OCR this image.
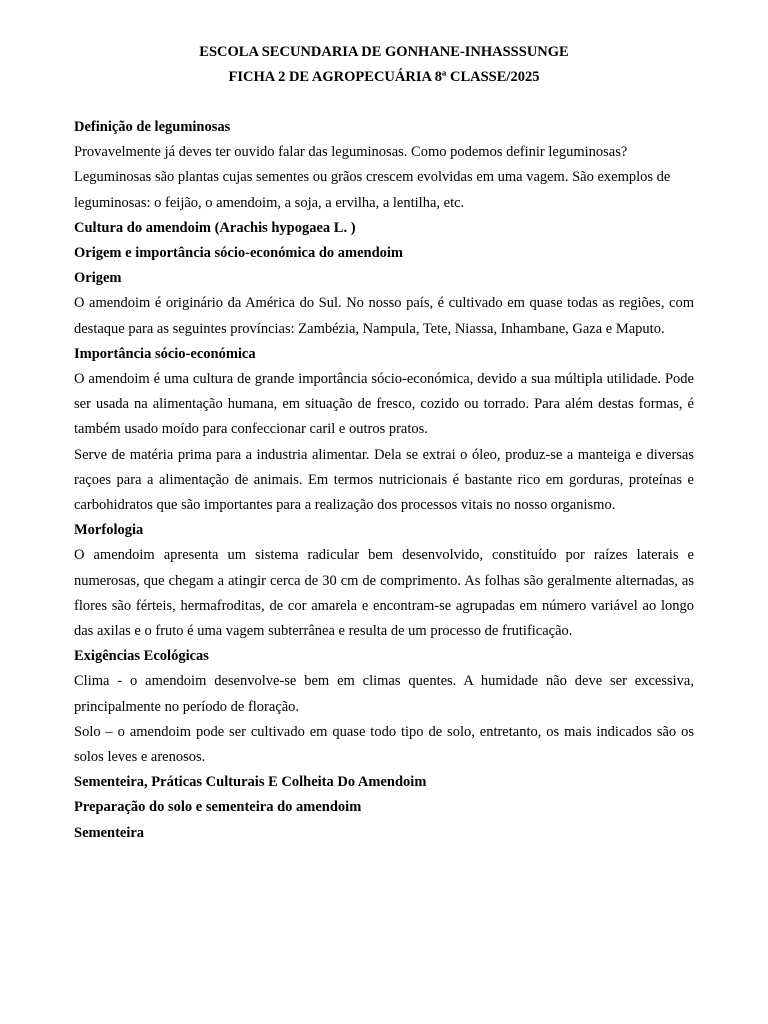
ESCOLA SECUNDARIA DE GONHANE-INHASSSUNGE

FICHA 2 DE AGROPECUÁRIA 8ª CLASSE/2025

Definição de leguminosas

Provavelmente já deves ter ouvido falar das leguminosas. Como podemos definir leguminosas?

Leguminosas são plantas cujas sementes ou grãos crescem evolvidas em uma vagem. São exemplos de leguminosas: o feijão, o amendoim, a soja, a ervilha, a lentilha, etc.

Cultura do amendoim (Arachis hypogaea L. )

Origem e importância sócio-económica do amendoim

Origem

O amendoim é originário da América do Sul. No nosso país, é cultivado em quase todas as regiões, com destaque para as seguintes províncias: Zambézia, Nampula, Tete, Niassa, Inhambane, Gaza e Maputo.

Importância sócio-económica

O amendoim é uma cultura de grande importância sócio-económica, devido a sua múltipla utilidade. Pode ser usada na alimentação humana, em situação de fresco, cozido ou torrado. Para além destas formas, é também usado moído para confeccionar caril e outros pratos.

Serve de matéria prima para a industria alimentar. Dela se extrai o óleo, produz-se a manteiga e diversas raçoes para a alimentação de animais. Em termos nutricionais é bastante rico em gorduras, proteínas e carbohidratos que são importantes para a realização dos processos vitais no nosso organismo.

Morfologia

O amendoim apresenta um sistema radicular bem desenvolvido, constituído por raízes laterais e numerosas, que chegam a atingir cerca de 30 cm de comprimento. As folhas são geralmente alternadas, as flores são férteis, hermafroditas, de cor amarela e encontram-se agrupadas em número variável ao longo das axilas e o fruto é uma vagem subterrânea e resulta de um processo de frutificação.

Exigências Ecológicas

Clima - o amendoim desenvolve-se bem em climas quentes. A humidade não deve ser excessiva, principalmente no período de floração.

Solo – o amendoim pode ser cultivado em quase todo tipo de solo, entretanto, os mais indicados são os solos leves e arenosos.

Sementeira, Práticas Culturais E Colheita Do Amendoim

Preparação do solo e sementeira do amendoim

Sementeira
